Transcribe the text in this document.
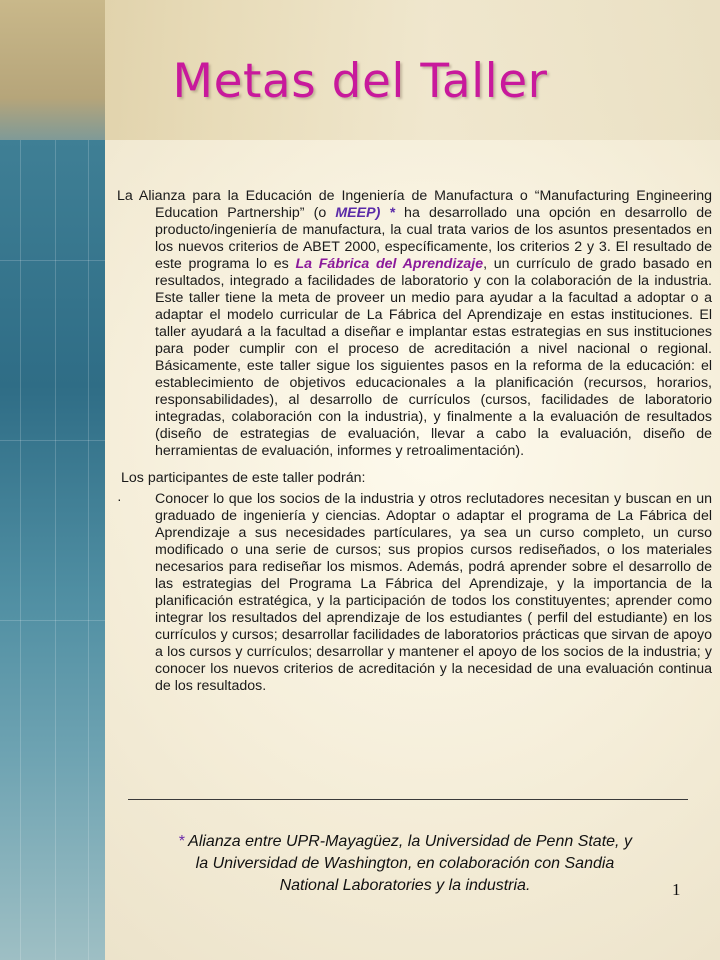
Metas del Taller

La Alianza para la Educación de Ingeniería de Manufactura o “Manufacturing Engineering Education Partnership” (o MEEP) * ha desarrollado una opción en desarrollo de producto/ingeniería de manufactura, la cual trata varios de los asuntos presentados en los nuevos criterios de ABET 2000, específicamente, los criterios 2 y 3. El resultado de este programa lo es La Fábrica del Aprendizaje, un currículo de grado basado en resultados, integrado a facilidades de laboratorio y con la colaboración de la industria. Este taller tiene la meta de proveer un medio para ayudar a la facultad a adoptar o a adaptar el modelo curricular de La Fábrica del Aprendizaje en estas instituciones. El taller ayudará a la facultad a diseñar e implantar estas estrategias en sus instituciones para poder cumplir con el proceso de acreditación a nivel nacional o regional. Básicamente, este taller sigue los siguientes pasos en la reforma de la educación: el establecimiento de objetivos educacionales a la planificación (recursos, horarios, responsabilidades), al desarrollo de currículos (cursos, facilidades de laboratorio integradas, colaboración con la industria), y finalmente a la evaluación de resultados (diseño de estrategias de evaluación, llevar a cabo la evaluación, diseño de herramientas de evaluación, informes y retroalimentación).

Los participantes de este taller podrán:

·	Conocer lo que los socios de la industria y otros reclutadores necesitan y buscan en un graduado de ingeniería y ciencias. Adoptar o adaptar el programa de La Fábrica del Aprendizaje a sus necesidades partículares, ya sea un curso completo, un curso modificado o una serie de cursos; sus propios cursos rediseñados, o los materiales necesarios para rediseñar los mismos. Además, podrá aprender sobre el desarrollo de las estrategias del Programa La Fábrica del Aprendizaje, y la importancia de la planificación estratégica, y la participación de todos los constituyentes; aprender como integrar los resultados del aprendizaje de los estudiantes ( perfil del estudiante) en los currículos y cursos; desarrollar facilidades de laboratorios prácticas que sirvan de apoyo a los cursos y currículos; desarrollar y mantener el apoyo de los socios de la industria; y conocer los nuevos criterios de acreditación y la necesidad de una evaluación continua de los resultados.

* Alianza entre UPR-Mayagüez, la Universidad de Penn State, y
la Universidad de Washington, en colaboración con Sandia
National Laboratories y la industria.	1
